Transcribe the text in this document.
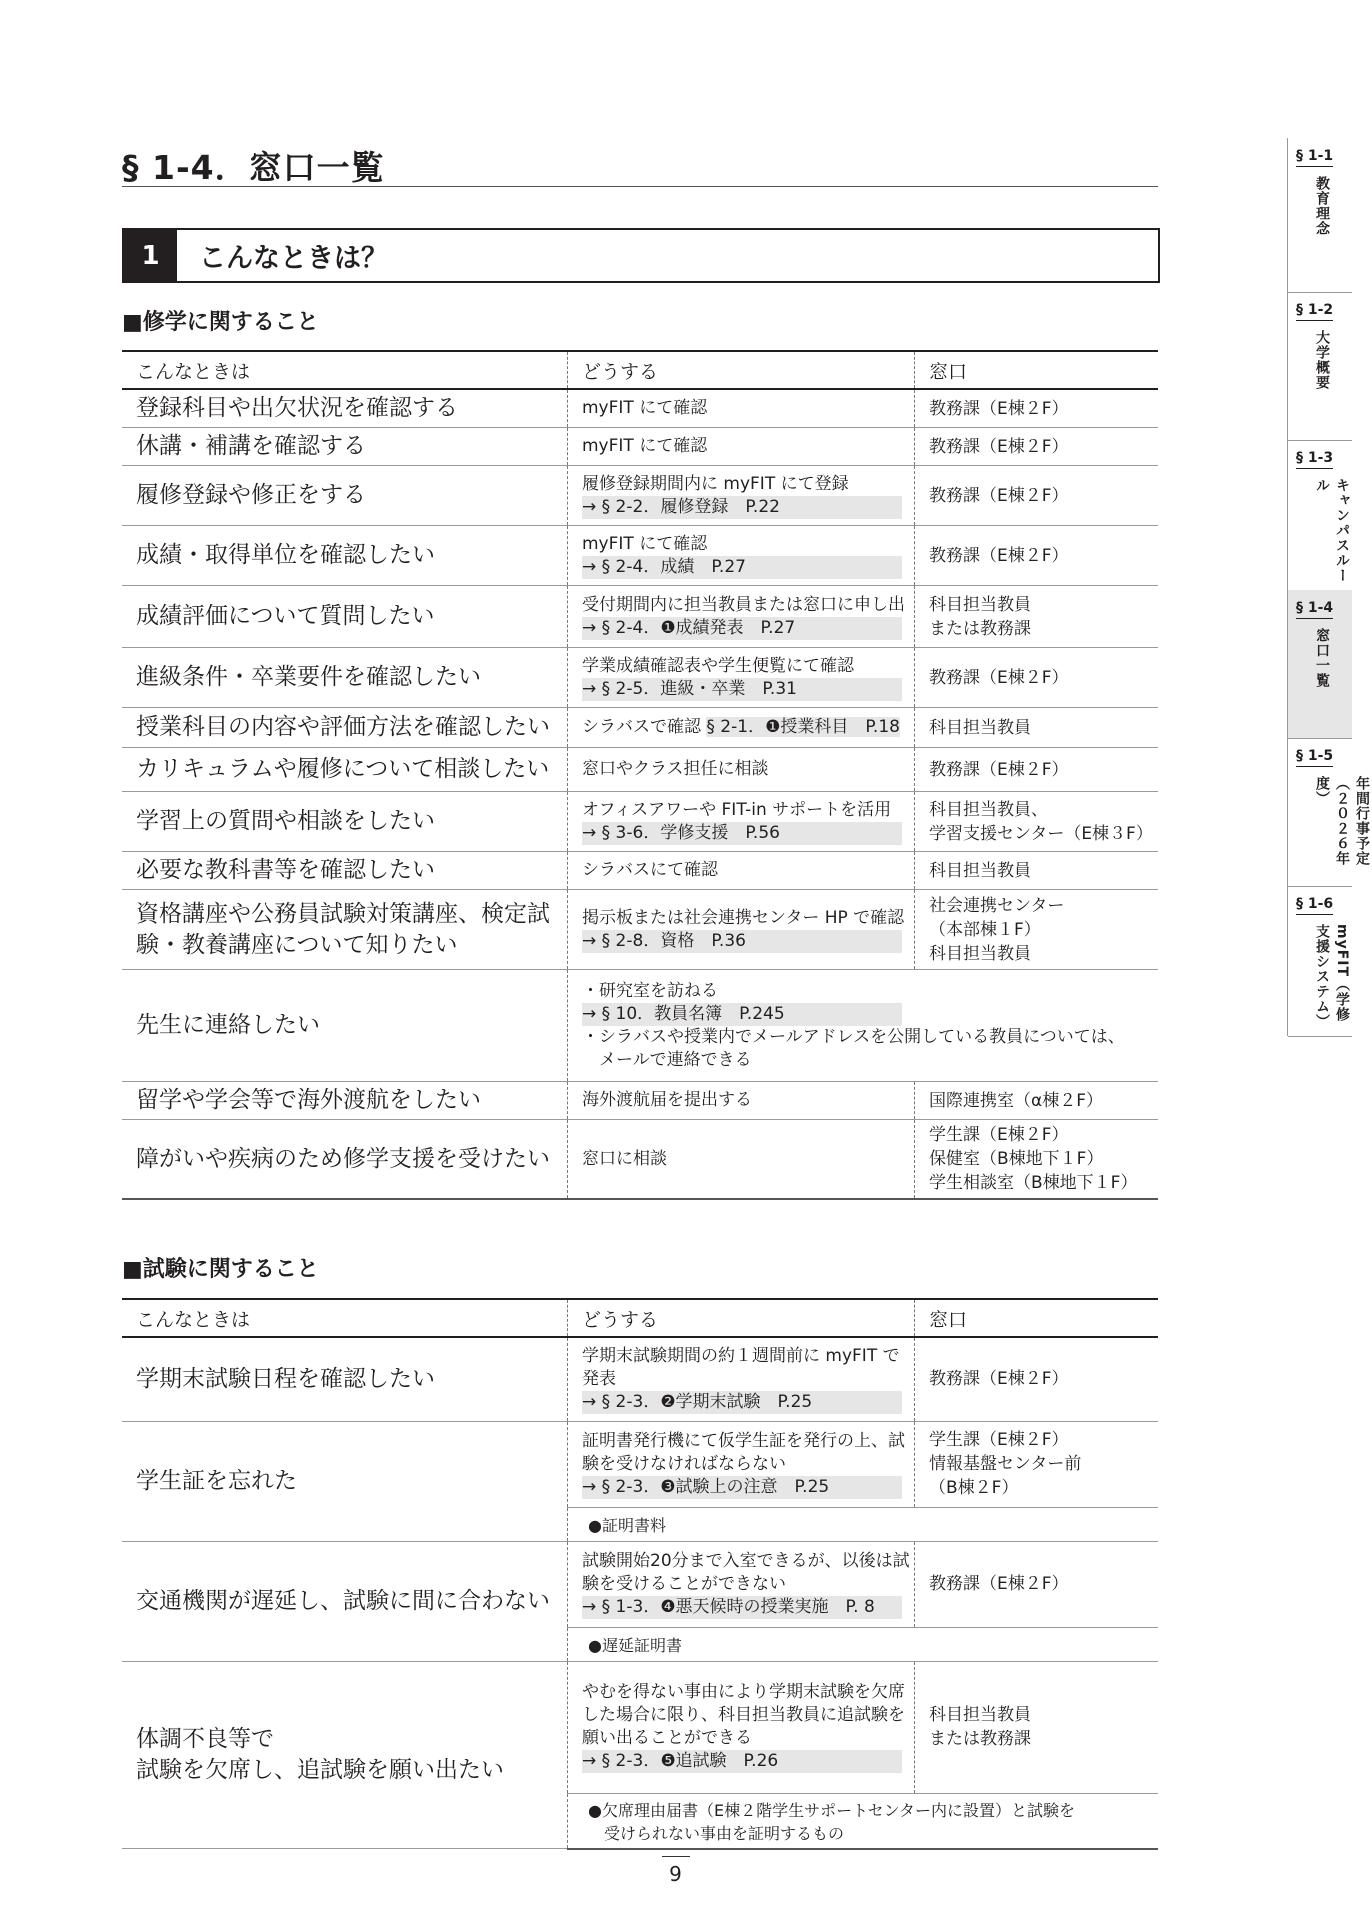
§ 1-4．窓口一覧
1	こんなときは？
■修学に関すること
こんなときは	どうする	窓口

登録科目や出欠状況を確認する	myFIT にて確認	教務課（E棟２F）

休講・補講を確認する	myFIT にて確認	教務課（E棟２F）

履修登録や修正をする	履修登録期間内に myFIT にて登録
→ § 2-2．履修登録　P.22	教務課（E棟２F）

成績・取得単位を確認したい	myFIT にて確認
→ § 2-4．成績　P.27	教務課（E棟２F）

成績評価について質問したい	受付期間内に担当教員または窓口に申し出
→ § 2-4．❶成績発表　P.27	科目担当教員
または教務課

進級条件・卒業要件を確認したい	学業成績確認表や学生便覧にて確認
→ § 2-5．進級・卒業　P.31	教務課（E棟２F）

授業科目の内容や評価方法を確認したい	シラバスで確認 § 2-1．❶授業科目　P.18	科目担当教員

カリキュラムや履修について相談したい	窓口やクラス担任に相談	教務課（E棟２F）

学習上の質問や相談をしたい	オフィスアワーや FIT-in サポートを活用
→ § 3-6．学修支援　P.56	科目担当教員、
学習支援センター（E棟３F）

必要な教科書等を確認したい	シラバスにて確認	科目担当教員

資格講座や公務員試験対策講座、検定試験・教養講座について知りたい	掲示板または社会連携センター HP で確認
→ § 2-8．資格　P.36	社会連携センター
（本部棟１F）
科目担当教員

先生に連絡したい	・研究室を訪ねる
→ § 10．教員名簿　P.245
・シラバスや授業内でメールアドレスを公開している教員については、
　メールで連絡できる	

留学や学会等で海外渡航をしたい	海外渡航届を提出する	国際連携室（α棟２F）

障がいや疾病のため修学支援を受けたい	窓口に相談	学生課（E棟２F）
保健室（B棟地下１F）
学生相談室（B棟地下１F）
■試験に関すること
こんなときは	どうする	窓口

学期末試験日程を確認したい	学期末試験期間の約１週間前に myFIT で発表
→ § 2-3．❷学期末試験　P.25	教務課（E棟２F）

学生証を忘れた	証明書発行機にて仮学生証を発行の上、試験を受けなければならない
→ § 2-3．❸試験上の注意　P.25	学生課（E棟２F）
情報基盤センター前
（B棟２F）

	●証明書料	

交通機関が遅延し、試験に間に合わない	試験開始20分まで入室できるが、以後は試験を受けることができない
→ § 1-3．❹悪天候時の授業実施　P. 8	教務課（E棟２F）

	●遅延証明書	

体調不良等で
試験を欠席し、追試験を願い出たい	やむを得ない事由により学期末試験を欠席した場合に限り、科目担当教員に追試験を願い出ることができる
→ § 2-3．❺追試験　P.26	科目担当教員
または教務課

	●欠席理由届書（E棟２階学生サポートセンター内に設置）と試験を
　受けられない事由を証明するもの	
§ 1-1
教育理念
§ 1-2
大学概要
§ 1-3
キャンパスルール
§ 1-4
窓口一覧
§ 1-5
年間行事予定（２０２６年度）
§ 1-6
myFIT（学修支援システム）
9
